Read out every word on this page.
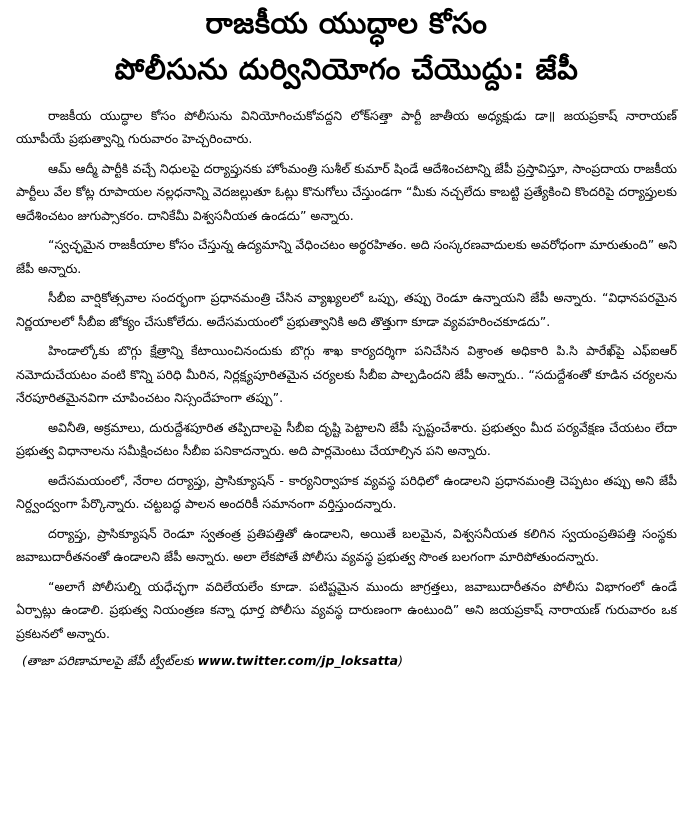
రాజకీయ యుద్ధాల కోసం
పోలీసును దుర్వినియోగం చేయొద్దు: జేపీ

రాజకీయ యుద్ధాల కోసం పోలీసును వినియోగించుకోవద్దని లోక్‌సత్తా పార్టీ జాతీయ అధ్యక్షుడు డా॥ జయప్రకాష్ నారాయణ్ యూపీయే ప్రభుత్వాన్ని గురువారం హెచ్చరించారు.

ఆమ్ ఆద్మీ పార్టీకి వచ్చే నిధులపై దర్యాప్తునకు హోంమంత్రి సుశీల్ కుమార్ షిండే ఆదేశించటాన్ని జేపీ ప్రస్తావిస్తూ, సాంప్రదాయ రాజకీయ పార్టీలు వేల కోట్ల రూపాయల నల్లధనాన్ని వెదజల్లుతూ ఓట్లు కొనుగోలు చేస్తుండగా “మీకు నచ్చలేదు కాబట్టి ప్రత్యేకించి కొందరిపై దర్యాప్తులకు ఆదేశించటం జుగుప్సాకరం. దానికేమీ విశ్వసనీయత ఉండదు” అన్నారు.

“స్వచ్ఛమైన రాజకీయాల కోసం చేస్తున్న ఉద్యమాన్ని వేధించటం అర్థరహితం. అది సంస్కరణవాదులకు అవరోధంగా మారుతుంది” అని జేపీ అన్నారు.

సీబీఐ వార్షికోత్సవాల సందర్భంగా ప్రధానమంత్రి చేసిన వ్యాఖ్యలలో ఒప్పు, తప్పు రెండూ ఉన్నాయని జేపీ అన్నారు. “విధానపరమైన నిర్ణయాలలో సీబీఐ జోక్యం చేసుకోలేదు. అదేసమయంలో ప్రభుత్వానికి అది తొత్తుగా కూడా వ్యవహరించకూడదు”.

హిండాల్కోకు బొగ్గు క్షేత్రాన్ని కేటాయించినందుకు బొగ్గు శాఖ కార్యదర్శిగా పనిచేసిన విశ్రాంత అధికారి పి.సి పారేఖ్‌పై ఎఫ్ఐఆర్ నమోదుచేయటం వంటి కొన్ని పరిధి మీరిన, నిర్లక్ష్యపూరితమైన చర్యలకు సీబీఐ పాల్పడిందని జేపీ అన్నారు.. “సదుద్దేశంతో కూడిన చర్యలను నేరపూరితమైనవిగా చూపించటం నిస్సందేహంగా తప్పు”.

అవినీతి, అక్రమాలు, దురుద్దేశపూరిత తప్పిదాలపై సీబీఐ దృష్టి పెట్టాలని జేపీ స్పష్టంచేశారు. ప్రభుత్వం మీద పర్యవేక్షణ చేయటం లేదా ప్రభుత్వ విధానాలను సమీక్షించటం సీబీఐ పనికాదన్నారు. అది పార్లమెంటు చేయాల్సిన పని అన్నారు.

అదేసమయంలో, నేరాల దర్యాప్తు, ప్రాసిక్యూషన్ - కార్యనిర్వాహక వ్యవస్థ పరిధిలో ఉండాలని ప్రధానమంత్రి చెప్పటం తప్పు అని జేపీ నిర్ద్వంద్వంగా పేర్కొన్నారు. చట్టబద్ధ పాలన అందరికీ సమానంగా వర్తిస్తుందన్నారు.

దర్యాప్తు, ప్రాసిక్యూషన్ రెండూ స్వతంత్ర ప్రతిపత్తితో ఉండాలని, అయితే బలమైన, విశ్వసనీయత కలిగిన స్వయంప్రతిపత్తి సంస్థకు జవాబుదారీతనంతో ఉండాలని జేపీ అన్నారు. అలా లేకపోతే పోలీసు వ్యవస్థ ప్రభుత్వ సొంత బలగంగా మారిపోతుందన్నారు.

“అలాగే పోలీసుల్ని యధేచ్ఛగా వదిలేయలేం కూడా. పటిష్టమైన ముందు జాగ్రత్తలు, జవాబుదారీతనం పోలీసు విభాగంలో ఉండే ఏర్పాట్లు ఉండాలి. ప్రభుత్వ నియంత్రణ కన్నా ధూర్త పోలీసు వ్యవస్థ దారుణంగా ఉంటుంది” అని జయప్రకాష్ నారాయణ్ గురువారం ఒక ప్రకటనలో అన్నారు.

(తాజా పరిణామాలపై జేపీ ట్వీట్‌లకు www.twitter.com/jp_loksatta)
